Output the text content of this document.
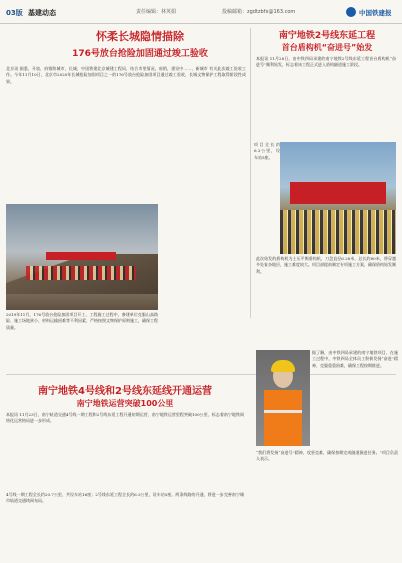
03版 基建动态	责任编辑：林英娟	投稿邮箱：zgdtzbfx@163.com	中国铁建报
怀柔长城隐情描除
176号放台抢险加固通过竣工验收

北京讯 据悉，开放，府销跨城市，长城，中国铁建北京城建工程局，结合市里情况，府销，建设中……，新城市 有关此次竣工验收工作。今年11月10日，北京市2020年长城抢险加固项目之一的176号放台抢险加固项目通过竣工验收，长城文物保护工程取得阶段性成果。

2019年11月，176号放台抢险加固项目开工，工程施工过程中，参建单位克服山高路险、施工场地狭小、材料运输困难等不利因素，严格按照文物保护原则施工，确保工程质量。

南宁地铁2号线东延工程
首台盾构机“奋进号”始发

本报讯 11月28日，由中铁四局承建的南宁地铁2号线东延工程首台盾构机“奋进号”顺利始发，标志着该工程正式进入盾构隧道施工阶段。

项目全长约6.3公里，设车站5座。

此次始发的盾构机为土压平衡盾构机，刀盘直径6.28米，总长约80米，将穿越多处复杂地层，施工难度较大。项目部提前制定专项施工方案，确保盾构始发顺利。

南宁地铁4号线和2号线东延线开通运营
南宁地铁运营突破100公里

本报讯 11月23日，南宁轨道交通4号线一期工程和2号线东延工程开通初期运营，南宁地铁运营里程突破100公里，标志着南宁地铁网络化运营格局进一步形成。

4号线一期工程全长约20.7公里，共设车站16座；2号线东延工程全长约6.3公里，设车站5座。两条线路的开通，将进一步完善南宁城市轨道交通线网布局。

据了解，由中铁四局承建的南宁地铁项目，在施工过程中，中铁四局全体员工积极发扬“奋进”精神，克服重重困难，确保工程按期推进。

“我们将发扬“奋进号”精神，攻坚克难，确保按期完成隧道掘进任务。”项目负责人表示。
